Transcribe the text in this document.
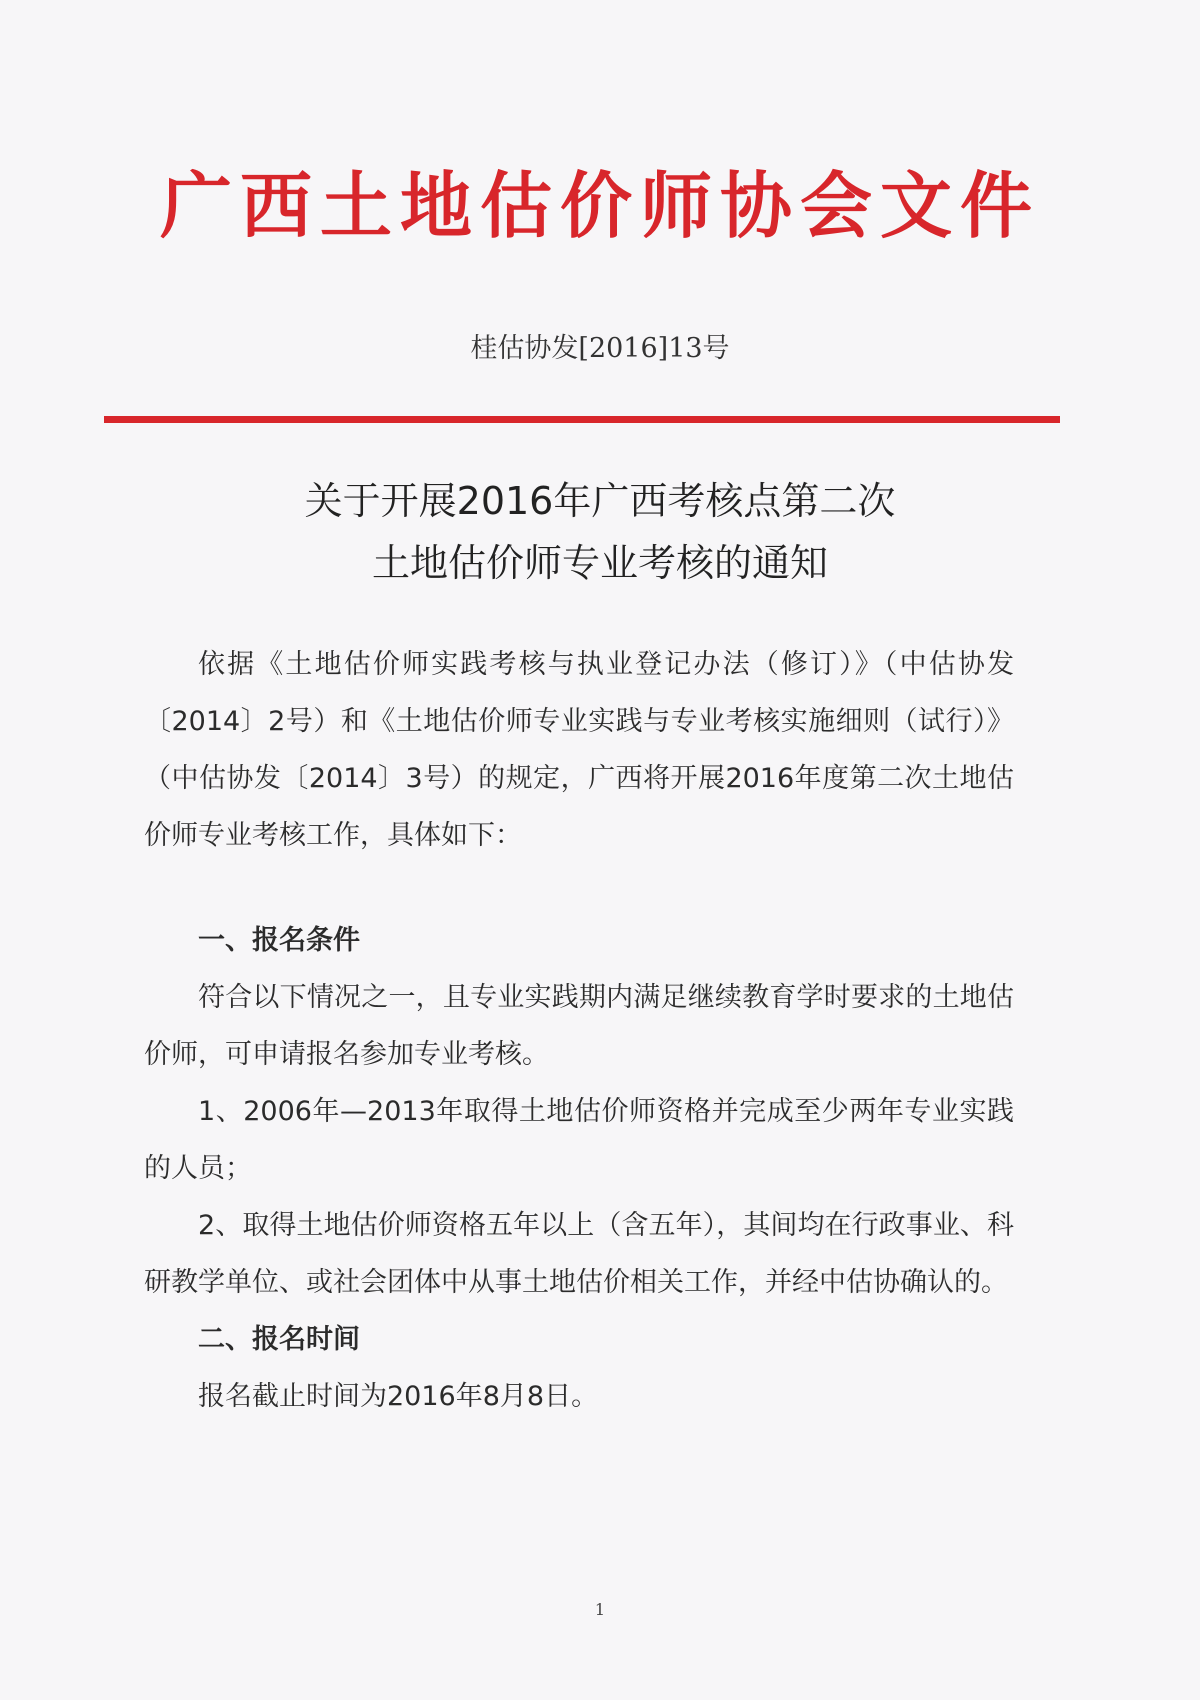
广西土地估价师协会文件
桂估协发[2016]13号
关于开展2016年广西考核点第二次
土地估价师专业考核的通知

依据《土地估价师实践考核与执业登记办法（修订）》（中估协发〔2014〕2号）和《土地估价师专业实践与专业考核实施细则（试行）》（中估协发〔2014〕3号）的规定，广西将开展2016年度第二次土地估价师专业考核工作，具体如下：

一、报名条件

符合以下情况之一，且专业实践期内满足继续教育学时要求的土地估价师，可申请报名参加专业考核。

1、2006年—2013年取得土地估价师资格并完成至少两年专业实践的人员；

2、取得土地估价师资格五年以上（含五年），其间均在行政事业、科研教学单位、或社会团体中从事土地估价相关工作，并经中估协确认的。

二、报名时间

报名截止时间为2016年8月8日。

1
